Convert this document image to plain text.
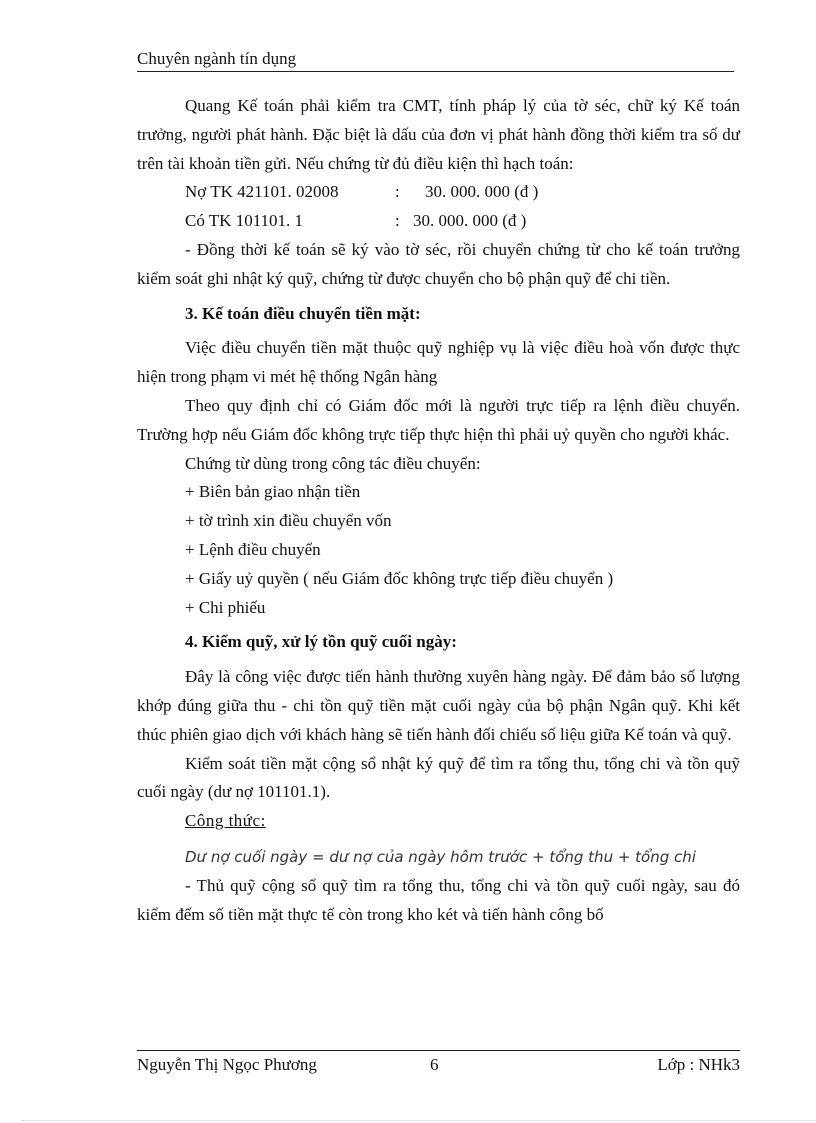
Chuyên ngành tín dụng

Quang Kế toán phải kiểm tra CMT, tính pháp lý của tờ séc, chữ ký Kế toán trưởng, người phát hành. Đặc biệt là dấu của đơn vị phát hành đồng thời kiểm tra số dư trên tài khoản tiền gửi. Nếu chứng từ đủ điều kiện thì hạch toán:

Nợ TK 421101. 02008	:	30. 000. 000 (đ )
Có TK 101101. 1	: 30. 000. 000 (đ )

- Đồng thời kế toán sẽ ký vào tờ séc, rồi chuyển chứng từ cho kế toán trưởng kiểm soát ghi nhật ký quỹ, chứng từ được chuyển cho bộ phận quỹ để chi tiền.

3. Kế toán điều chuyển tiền mặt:

Việc điều chuyển tiền mặt thuộc quỹ nghiệp vụ là việc điều hoà vốn được thực hiện trong phạm vi mét hệ thống Ngân hàng

Theo quy định chỉ có Giám đốc mới là người trực tiếp ra lệnh điều chuyển. Trường hợp nếu Giám đốc không trực tiếp thực hiện thì phải uỷ quyền cho người khác.

Chứng từ dùng trong công tác điều chuyển:

+ Biên bản giao nhận tiền

+ tờ trình xin điều chuyển vốn

+ Lệnh điều chuyển

+ Giấy uỷ quyền ( nếu Giám đốc không trực tiếp điều chuyển )

+ Chi phiếu

4. Kiểm quỹ, xử lý tồn quỹ cuối ngày:

Đây là công việc được tiến hành thường xuyên hàng ngày. Để đảm bảo số lượng khớp đúng giữa thu - chi tồn quỹ tiền mặt cuối ngày của bộ phận Ngân quỹ. Khi kết thúc phiên giao dịch với khách hàng sẽ tiến hành đối chiếu số liệu giữa Kế toán và quỹ.

Kiểm soát tiền mặt cộng sổ nhật ký quỹ để tìm ra tổng thu, tổng chi và tồn quỹ cuối ngày (dư nợ 101101.1).

Công thức:

Dư nợ cuối ngày = dư nợ của ngày hôm trước + tổng thu + tổng chi

- Thủ quỹ cộng sổ quỹ tìm ra tổng thu, tổng chi và tồn quỹ cuối ngày, sau đó kiểm đếm số tiền mặt thực tế còn trong kho két và tiến hành công bố

Nguyễn Thị Ngọc Phương	6	Lớp : NHk3
